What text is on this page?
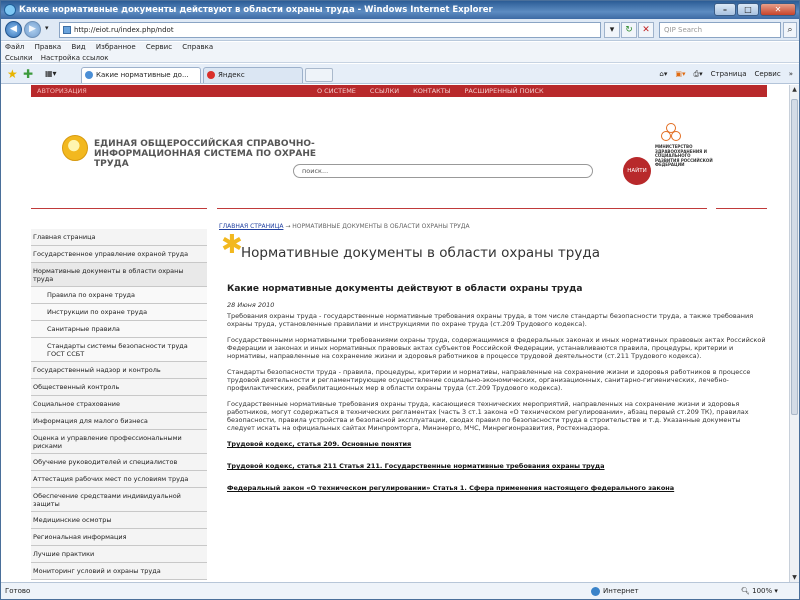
Какие нормативные документы действуют в области охраны труда - Windows Internet Explorer	–	□	✕
◀	▶	▾	http://eiot.ru/index.php/ndot	▾	↻	✕	QIP Search	⌕
Файл Правка Вид Избранное Сервис Справка
Ссылки Настройка ссылок
★ ✚ ▦▾	Какие нормативные до...	Яндекс	⌂▾ ▣▾ ⎙▾ Страница Сервис »
АВТОРИЗАЦИЯ	О СИСТЕМЕ ССЫЛКИ КОНТАКТЫ РАСШИРЕННЫЙ ПОИСК
ЕДИНАЯ ОБЩЕРОССИЙСКАЯ СПРАВОЧНО-ИНФОРМАЦИОННАЯ СИСТЕМА ПО ОХРАНЕ ТРУДА
поиск...	НАЙТИ
МИНИСТЕРСТВО ЗДРАВООХРАНЕНИЯ И СОЦИАЛЬНОГО РАЗВИТИЯ РОССИЙСКОЙ ФЕДЕРАЦИИ
Главная страница
Государственное управление охраной труда
Нормативные документы в области охраны труда
Правила по охране труда
Инструкции по охране труда
Санитарные правила
Стандарты системы безопасности труда ГОСТ ССБТ
Государственный надзор и контроль
Общественный контроль
Социальное страхование
Информация для малого бизнеса
Оценка и управление профессиональными рисками
Обучение руководителей и специалистов
Аттестация рабочих мест по условиям труда
Обеспечение средствами индивидуальной защиты
Медицинские осмотры
Региональная информация
Лучшие практики
Мониторинг условий и охраны труда
ГЛАВНАЯ СТРАНИЦА → НОРМАТИВНЫЕ ДОКУМЕНТЫ В ОБЛАСТИ ОХРАНЫ ТРУДА
✱
Нормативные документы в области охраны труда
Какие нормативные документы действуют в области охраны труда
28 Июня 2010

Требования охраны труда - государственные нормативные требования охраны труда, в том числе стандарты безопасности труда, а также требования охраны труда, установленные правилами и инструкциями по охране труда (ст.209 Трудового кодекса).

Государственными нормативными требованиями охраны труда, содержащимися в федеральных законах и иных нормативных правовых актах Российской Федерации и законах и иных нормативных правовых актах субъектов Российской Федерации, устанавливаются правила, процедуры, критерии и нормативы, направленные на сохранение жизни и здоровья работников в процессе трудовой деятельности (ст.211 Трудового кодекса).

Стандарты безопасности труда - правила, процедуры, критерии и нормативы, направленные на сохранение жизни и здоровья работников в процессе трудовой деятельности и регламентирующие осуществление социально-экономических, организационных, санитарно-гигиенических, лечебно-профилактических, реабилитационных мер в области охраны труда (ст.209 Трудового кодекса).

Государственные нормативные требования охраны труда, касающиеся технических мероприятий, направленных на сохранение жизни и здоровья работников, могут содержаться в технических регламентах (часть 3 ст.1 закона «О техническом регулировании», абзац первый ст.209 ТК), правилах безопасности, правила устройства и безопасной эксплуатации, сводах правил по безопасности труда в строительстве и т.д. Указанные документы следует искать на официальных сайтах Минпромторга, Минэнерго, МЧС, Минрегионразвития, Ростехнадзора.

Трудовой кодекс, статья 209. Основные понятия
Трудовой кодекс, статья 211 Статья 211. Государственные нормативные требования охраны труда
Федеральный закон «О техническом регулировании» Статья 1. Сфера применения настоящего федерального закона
▲
▼
Готово	Интернет	🔍︎ 100% ▾
